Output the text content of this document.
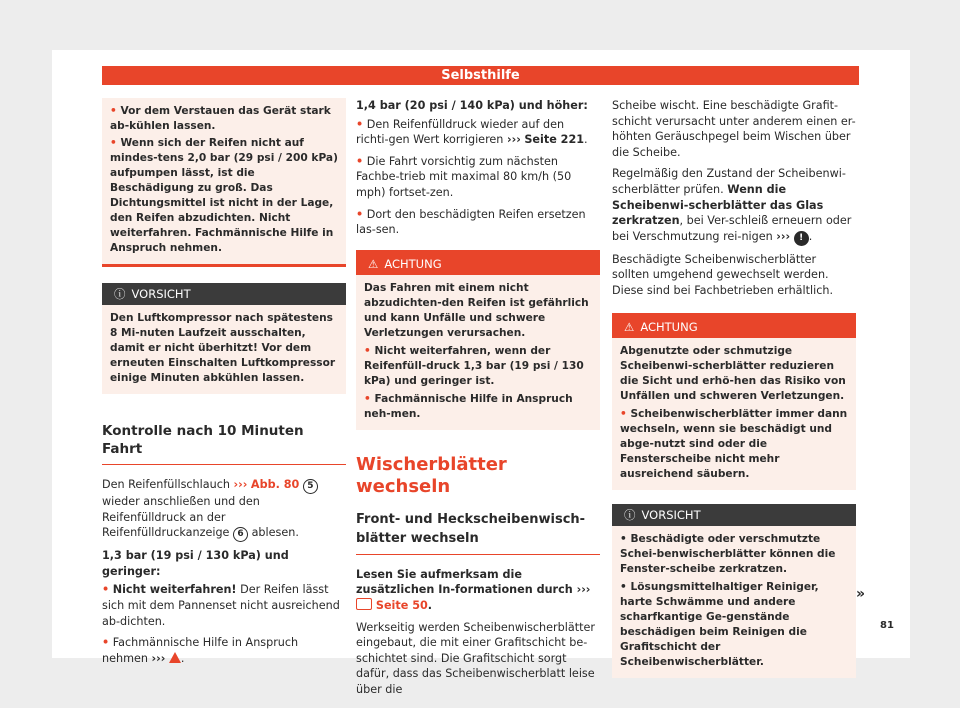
Selbsthilfe

• Vor dem Verstauen das Gerät stark ab-kühlen lassen.

• Wenn sich der Reifen nicht auf mindes-tens 2,0 bar (29 psi / 200 kPa) aufpumpen lässt, ist die Beschädigung zu groß. Das Dichtungsmittel ist nicht in der Lage, den Reifen abzudichten. Nicht weiterfahren. Fachmännische Hilfe in Anspruch nehmen.

ⓘ VORSICHT
Den Luftkompressor nach spätestens 8 Mi-nuten Laufzeit ausschalten, damit er nicht überhitzt! Vor dem erneuten Einschalten Luftkompressor einige Minuten abkühlen lassen.
Kontrolle nach 10 Minuten Fahrt

Den Reifenfüllschlauch ››› Abb. 80 5 wieder anschließen und den Reifenfülldruck an der Reifenfülldruckanzeige 6 ablesen.

1,3 bar (19 psi / 130 kPa) und geringer:

• Nicht weiterfahren! Der Reifen lässt sich mit dem Pannenset nicht ausreichend ab-dichten.

• Fachmännische Hilfe in Anspruch nehmen ››› .

1,4 bar (20 psi / 140 kPa) und höher:

• Den Reifenfülldruck wieder auf den richti-gen Wert korrigieren ››› Seite 221.

• Die Fahrt vorsichtig zum nächsten Fachbe-trieb mit maximal 80 km/h (50 mph) fortset-zen.

• Dort den beschädigten Reifen ersetzen las-sen.

⚠ ACHTUNG

Das Fahren mit einem nicht abzudichten-den Reifen ist gefährlich und kann Unfälle und schwere Verletzungen verursachen.

• Nicht weiterfahren, wenn der Reifenfüll-druck 1,3 bar (19 psi / 130 kPa) und geringer ist.

• Fachmännische Hilfe in Anspruch neh-men.

Wischerblätter wechseln
Front- und Heckscheibenwisch-blätter wechseln

Lesen Sie aufmerksam die zusätzlichen In-formationen durch ›››  Seite 50.

Werkseitig werden Scheibenwischerblätter eingebaut, die mit einer Grafitschicht be-schichtet sind. Die Grafitschicht sorgt dafür, dass das Scheibenwischerblatt leise über die

Scheibe wischt. Eine beschädigte Grafit-schicht verursacht unter anderem einen er-höhten Geräuschpegel beim Wischen über die Scheibe.

Regelmäßig den Zustand der Scheibenwi-scherblätter prüfen. Wenn die Scheibenwi-scherblätter das Glas zerkratzen, bei Ver-schleiß erneuern oder bei Verschmutzung rei-nigen ››› ! .

Beschädigte Scheibenwischerblätter sollten umgehend gewechselt werden. Diese sind bei Fachbetrieben erhältlich.

⚠ ACHTUNG

Abgenutzte oder schmutzige Scheibenwi-scherblätter reduzieren die Sicht und erhö-hen das Risiko von Unfällen und schweren Verletzungen.

• Scheibenwischerblätter immer dann wechseln, wenn sie beschädigt und abge-nutzt sind oder die Fensterscheibe nicht mehr ausreichend säubern.

ⓘ VORSICHT

• Beschädigte oder verschmutzte Schei-benwischerblätter können die Fenster-scheibe zerkratzen.

• Lösungsmittelhaltiger Reiniger, harte Schwämme und andere scharfkantige Ge-genstände beschädigen beim Reinigen die Grafitschicht der Scheibenwischerblätter.

»
81
